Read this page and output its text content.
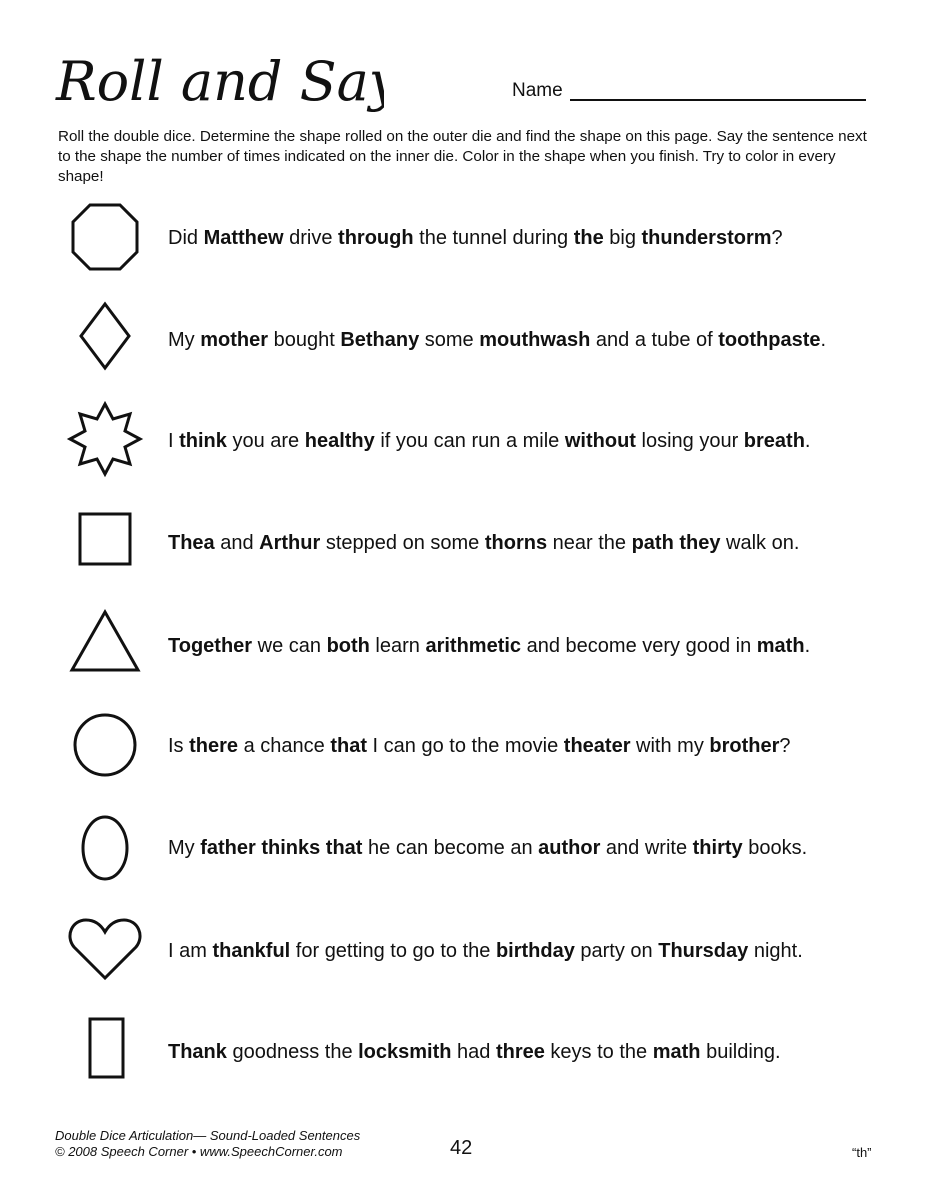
Roll and Say	Name
Roll the double dice. Determine the shape rolled on the outer die and find the shape on this page. Say the sentence next to the shape the number of times indicated on the inner die. Color in the shape when you finish. Try to color in every shape!
Did Matthew drive through the tunnel during the big thunderstorm?
My mother bought Bethany some mouthwash and a tube of toothpaste.
I think you are healthy if you can run a mile without losing your breath.
Thea and Arthur stepped on some thorns near the path they walk on.
Together we can both learn arithmetic and become very good in math.
Is there a chance that I can go to the movie theater with my brother?
My father thinks that he can become an author and write thirty books.
I am thankful for getting to go to the birthday party on Thursday night.
Thank goodness the locksmith had three keys to the math building.
Double Dice Articulation— Sound-Loaded Sentences
© 2008 Speech Corner • www.SpeechCorner.com	42	“th”
